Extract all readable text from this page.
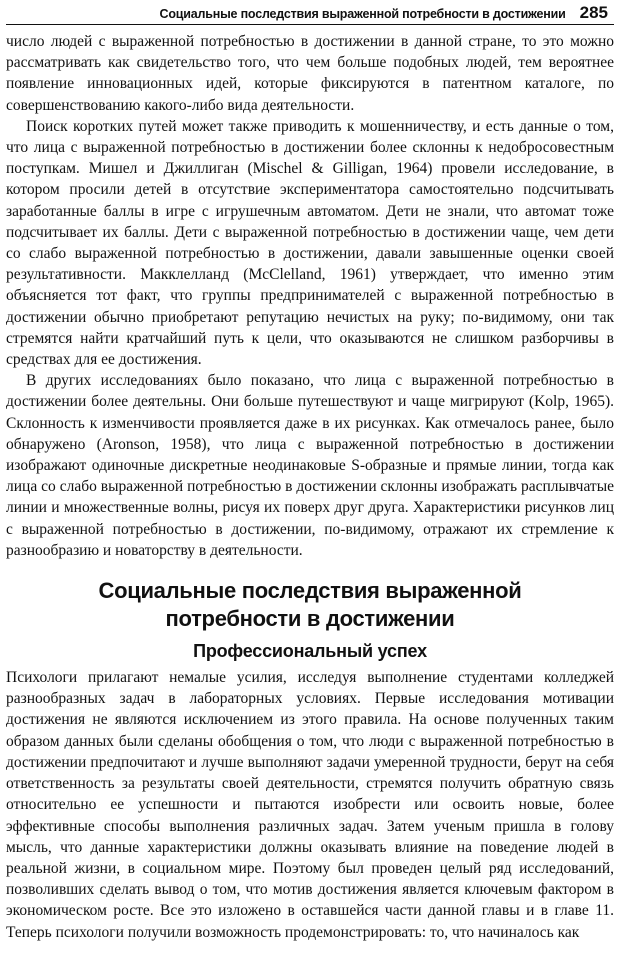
Социальные последствия выраженной потребности в достижении 285

число людей с выраженной потребностью в достижении в данной стране, то это можно рассматривать как свидетельство того, что чем больше подобных людей, тем вероятнее появление инновационных идей, которые фиксируются в патентном каталоге, по совершенствованию какого-либо вида деятельности.

Поиск коротких путей может также приводить к мошенничеству, и есть данные о том, что лица с выраженной потребностью в достижении более склонны к недобросовестным поступкам. Мишел и Джиллиган (Mischel & Gilligan, 1964) провели исследование, в котором просили детей в отсутствие экспериментатора самостоятельно подсчитывать заработанные баллы в игре с игрушечным автоматом. Дети не знали, что автомат тоже подсчитывает их баллы. Дети с выраженной потребностью в достижении чаще, чем дети со слабо выраженной потребностью в достижении, давали завышенные оценки своей результативности. Макклелланд (McClelland, 1961) утверждает, что именно этим объясняется тот факт, что группы предпринимателей с выраженной потребностью в достижении обычно приобретают репутацию нечистых на руку; по-видимому, они так стремятся найти кратчайший путь к цели, что оказываются не слишком разборчивы в средствах для ее достижения.

В других исследованиях было показано, что лица с выраженной потребностью в достижении более деятельны. Они больше путешествуют и чаще мигрируют (Kolp, 1965). Склонность к изменчивости проявляется даже в их рисунках. Как отмечалось ранее, было обнаружено (Aronson, 1958), что лица с выраженной потребностью в достижении изображают одиночные дискретные неодинаковые S-образные и прямые линии, тогда как лица со слабо выраженной потребностью в достижении склонны изображать расплывчатые линии и множественные волны, рисуя их поверх друг друга. Характеристики рисунков лиц с выраженной потребностью в достижении, по-видимому, отражают их стремление к разнообразию и новаторству в деятельности.

Социальные последствия выраженной
потребности в достижении
Профессиональный успех

Психологи прилагают немалые усилия, исследуя выполнение студентами колледжей разнообразных задач в лабораторных условиях. Первые исследования мотивации достижения не являются исключением из этого правила. На основе полученных таким образом данных были сделаны обобщения о том, что люди с выраженной потребностью в достижении предпочитают и лучше выполняют задачи умеренной трудности, берут на себя ответственность за результаты своей деятельности, стремятся получить обратную связь относительно ее успешности и пытаются изобрести или освоить новые, более эффективные способы выполнения различных задач. Затем ученым пришла в голову мысль, что данные характеристики должны оказывать влияние на поведение людей в реальной жизни, в социальном мире. Поэтому был проведен целый ряд исследований, позволивших сделать вывод о том, что мотив достижения является ключевым фактором в экономическом росте. Все это изложено в оставшейся части данной главы и в главе 11. Теперь психологи получили возможность продемонстрировать: то, что начиналось как
